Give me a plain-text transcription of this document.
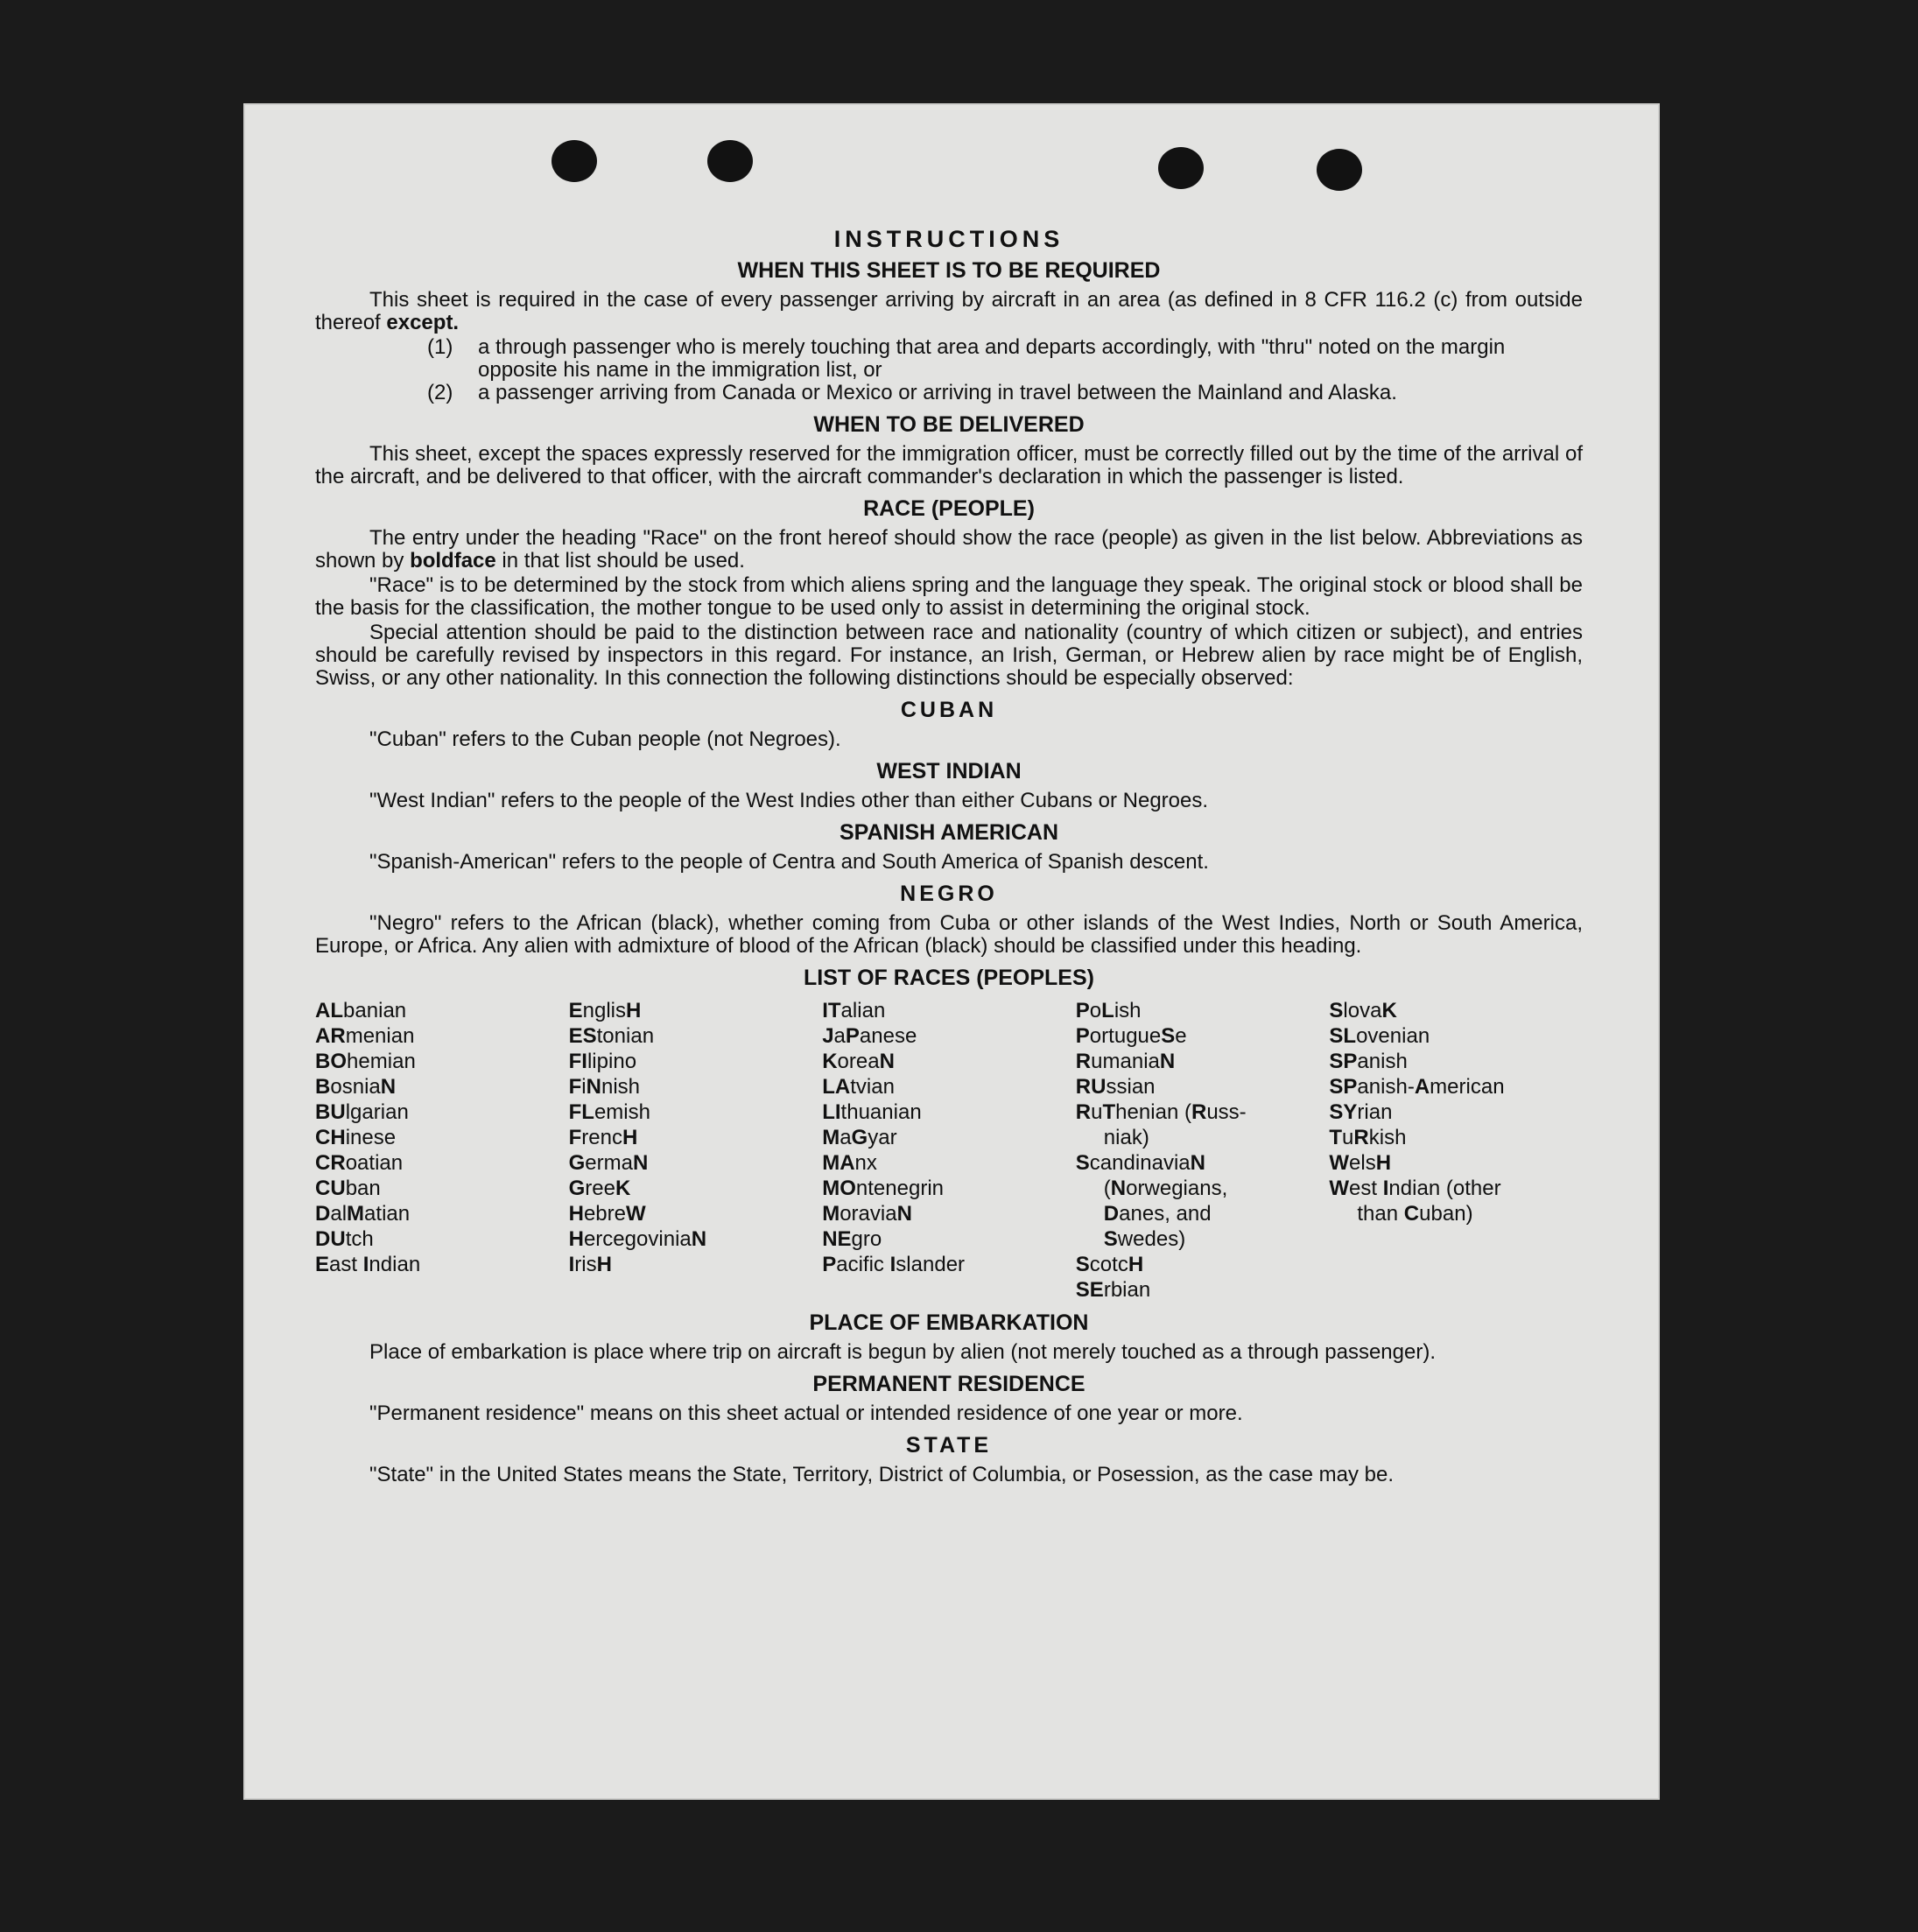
INSTRUCTIONS
WHEN THIS SHEET IS TO BE REQUIRED

This sheet is required in the case of every passenger arriving by aircraft in an area (as defined in 8 CFR 116.2 (c) from outside thereof except.

(1)	a through passenger who is merely touching that area and departs accordingly, with "thru" noted on the margin opposite his name in the immigration list, or
(2)	a passenger arriving from Canada or Mexico or arriving in travel between the Mainland and Alaska.
WHEN TO BE DELIVERED

This sheet, except the spaces expressly reserved for the immigration officer, must be correctly filled out by the time of the arrival of the aircraft, and be delivered to that officer, with the aircraft commander's declaration in which the passenger is listed.

RACE (PEOPLE)

The entry under the heading "Race" on the front hereof should show the race (people) as given in the list below. Abbreviations as shown by boldface in that list should be used.

"Race" is to be determined by the stock from which aliens spring and the language they speak. The original stock or blood shall be the basis for the classification, the mother tongue to be used only to assist in determining the original stock.

Special attention should be paid to the distinction between race and nationality (country of which citizen or subject), and entries should be carefully revised by inspectors in this regard. For instance, an Irish, German, or Hebrew alien by race might be of English, Swiss, or any other nationality. In this connection the following distinctions should be especially observed:

CUBAN

"Cuban" refers to the Cuban people (not Negroes).

WEST INDIAN

"West Indian" refers to the people of the West Indies other than either Cubans or Negroes.

SPANISH AMERICAN

"Spanish-American" refers to the people of Centra and South America of Spanish descent.

NEGRO

"Negro" refers to the African (black), whether coming from Cuba or other islands of the West Indies, North or South America, Europe, or Africa. Any alien with admixture of blood of the African (black) should be classified under this heading.

LIST OF RACES (PEOPLES)
ALbanian
ARmenian
BOhemian
BosniaN
BUlgarian
CHinese
CRoatian
CUban
DalMatian
DUtch
East Indian
EnglisH
EStonian
FIlipino
FiNnish
FLemish
FrencH
GermaN
GreeK
HebreW
HercegoviniaN
IrisH
ITalian
JaPanese
KoreaN
LAtvian
LIthuanian
MaGyar
MAnx
MOntenegrin
MoraviaN
NEgro
Pacific Islander
PoLish
PortugueSe
RumaniaN
RUssian
RuThenian (Russ-
niak)
ScandinaviaN
(Norwegians,
Danes, and
Swedes)
ScotcH
SErbian
SlovaK
SLovenian
SPanish
SPanish-American
SYrian
TuRkish
WelsH
West Indian (other
than Cuban)
PLACE OF EMBARKATION

Place of embarkation is place where trip on aircraft is begun by alien (not merely touched as a through passenger).

PERMANENT RESIDENCE

"Permanent residence" means on this sheet actual or intended residence of one year or more.

STATE

"State" in the United States means the State, Territory, District of Columbia, or Posession, as the case may be.
